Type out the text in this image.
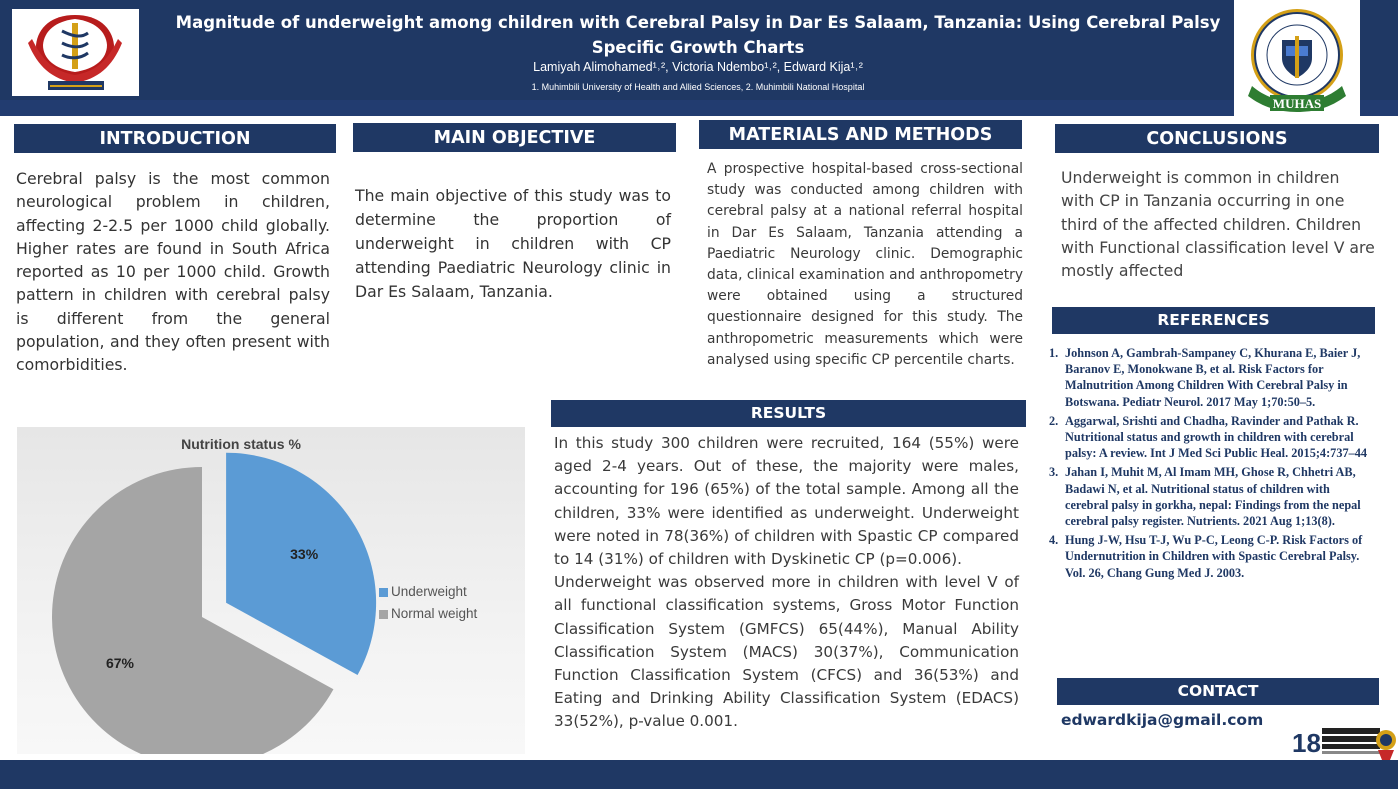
Magnitude of underweight among children with Cerebral Palsy in Dar Es Salaam, Tanzania: Using Cerebral Palsy Specific Growth Charts
Lamiyah Alimohamed¹˒², Victoria Ndembo¹˒², Edward Kija¹˒²
1. Muhimbili University of Health and Allied Sciences, 2. Muhimbili National Hospital
MUHAS
INTRODUCTION
Cerebral palsy is the most common neurological problem in children, affecting 2-2.5 per 1000 child globally. Higher rates are found in South Africa reported as 10 per 1000 child. Growth pattern in children with cerebral palsy is different from the general population, and they often present with comorbidities.
MAIN OBJECTIVE
The main objective of this study was to determine the proportion of underweight in children with CP attending Paediatric Neurology clinic in Dar Es Salaam, Tanzania.
MATERIALS AND METHODS
A prospective hospital-based cross-sectional study was conducted among children with cerebral palsy at a national referral hospital in Dar Es Salaam, Tanzania attending a Paediatric Neurology clinic. Demographic data, clinical examination and anthropometry were obtained using a structured questionnaire designed for this study. The anthropometric measurements which were analysed using specific CP percentile charts.
CONCLUSIONS
Underweight is common in children with CP in Tanzania occurring in one third of the affected children. Children with Functional classification level V are mostly affected
REFERENCES
1. Johnson A, Gambrah-Sampaney C, Khurana E, Baier J, Baranov E, Monokwane B, et al. Risk Factors for Malnutrition Among Children With Cerebral Palsy in Botswana. Pediatr Neurol. 2017 May 1;70:50–5.
2. Aggarwal, Srishti and Chadha, Ravinder and Pathak R. Nutritional status and growth in children with cerebral palsy: A review. Int J Med Sci Public Heal. 2015;4:737–44
3. Jahan I, Muhit M, Al Imam MH, Ghose R, Chhetri AB, Badawi N, et al. Nutritional status of children with cerebral palsy in gorkha, nepal: Findings from the nepal cerebral palsy register. Nutrients. 2021 Aug 1;13(8).
4. Hung J-W, Hsu T-J, Wu P-C, Leong C-P. Risk Factors of Undernutrition in Children with Spastic Cerebral Palsy. Vol. 26, Chang Gung Med J. 2003.
CONTACT
edwardkija@gmail.com
RESULTS

In this study 300 children were recruited, 164 (55%) were aged 2-4 years. Out of these, the majority were males, accounting for 196 (65%) of the total sample. Among all the children, 33% were identified as underweight. Underweight were noted in 78(36%) of children with Spastic CP compared to 14 (31%) of children with Dyskinetic CP (p=0.006).

Underweight was observed more in children with level V of all functional classification systems, Gross Motor Function Classification System (GMFCS) 65(44%), Manual Ability Classification System (MACS) 30(37%), Communication Function Classification System (CFCS) and 36(53%) and Eating and Drinking Ability Classification System (EDACS) 33(52%), p-value 0.001.

Nutrition status %
33%
67%
Underweight
Normal weight
18
